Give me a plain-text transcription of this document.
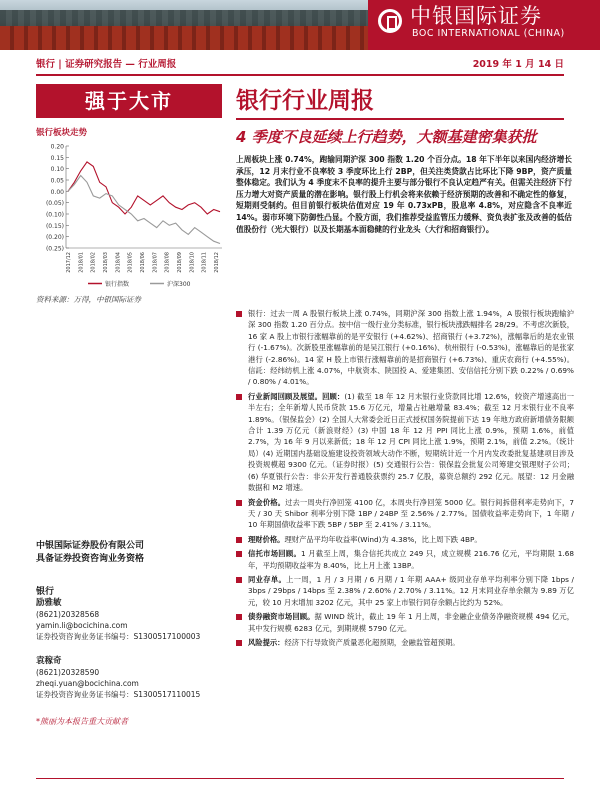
中银国际证券
BOC INTERNATIONAL (CHINA)
银行 | 证券研究报告 — 行业周报	2019 年 1 月 14 日
强于大市	银行行业周报
4 季度不良延续上行趋势，大额基建密集获批
银行板块走势
0.20
0.15
0.10
0.05
0.00
(0.05)
(0.10)
(0.15)
(0.20)
(0.25)
2017/12 2018/01 2018/02 2018/03 2018/04 2018/05 2018/06 2018/07 2018/08 2018/09 2018/10 2018/11 2018/12
银行指数	沪深300
资料来源：万得，中银国际证券
上周板块上涨 0.74%，跑输同期沪深 300 指数 1.20 个百分点。18 年下半年以来国内经济增长承压，12 月末行业不良率较 3 季度环比上行 2BP，但关注类贷款占比环比下降 9BP，资产质量整体稳定。我们认为 4 季度末不良率的提升主要与部分银行不良认定趋严有关。但需关注经济下行压力增大对资产质量的潜在影响。银行股上行机会将来依赖于经济预期的改善和不确定性的修复，短期则受制约。但目前银行板块估值对应 19 年 0.73xPB，股息率 4.8%，对应隐含不良率近 14%。弱市环境下防御性凸显。个股方面，我们推荐受益监管压力缓释、资负表扩张及改善的低估值股份行（光大银行）以及长期基本面稳健的行业龙头（大行和招商银行）。
银行：过去一周 A 股银行板块上涨 0.74%，同期沪深 300 指数上涨 1.94%，A 股银行板块跑输沪深 300 指数 1.20 百分点。按中信一级行业分类标准，银行板块涨跌幅排名 28/29。不考虑次新股，16 家 A 股上市银行涨幅靠前的是平安银行 (+4.62%)、招商银行 (+3.72%)，涨幅靠后的是农业银行 (-1.67%)。次新股里涨幅靠前的是吴江银行 (+0.16%)、杭州银行 (-0.53%)，涨幅靠后的是张家港行 (-2.86%)。14 家 H 股上市银行涨幅靠前的是招商银行 (+6.73%)、重庆农商行 (+4.55%)。信託：经纬纺机上涨 4.07%，中航资本、陕国投 A、爱建集团、安信信托分别下跌 0.22% / 0.69% / 0.80% / 4.01%。
行业新闻回顾及展望。回顾：(1) 截至 18 年 12 月末银行业贷款同比增 12.6%，较资产增速高出一半左右；全年新增人民币贷款 15.6 万亿元，增量占社融增量 83.4%；截至 12 月末银行业不良率 1.89%。（银保监会）(2) 全国人大常委会近日正式授权国务院提前下达 19 年地方政府新增债务限额合计 1.39 万亿元（新浪财经）(3) 中国 18 年 12 月 PPI 同比上涨 0.9%，预期 1.6%，前值 2.7%，为 16 年 9 月以来新低；18 年 12 月 CPI 同比上涨 1.9%，预期 2.1%，前值 2.2%。（统计局）(4) 近期国内基础设施建设投资领域大动作不断，短期统计近一个月内发改委批复基建项目涉及投资规模超 9300 亿元。（证券时报）(5) 交通银行公告：银保监会批复公司筹建交银理财子公司；(6) 华夏银行公告：非公开发行普通股获票约 25.7 亿股，募资总额约 292 亿元。展望：12 月金融数据和 M2 增速。
资金价格。过去一周央行净回笼 4100 亿，本周央行净回笼 5000 亿。银行间拆借利率走势向下，7 天 / 30 天 Shibor 利率分别下降 1BP / 24BP 至 2.56% / 2.77%。国债收益率走势向下，1 年期 / 10 年期国债收益率下跌 5BP / 5BP 至 2.41% / 3.11%。
理财价格。理财产品平均年收益率(Wind)为 4.38%，比上周下跌 4BP。
信托市场回顾。1 月截至上周，集合信托共成立 249 只，成立规模 216.76 亿元，平均期限 1.68 年，平均预期收益率为 8.40%，比上月上涨 13BP。
同业存单。上一周，1 月 / 3 月期 / 6 月期 / 1 年期 AAA+ 级同业存单平均利率分别下降 1bps / 3bps / 29bps / 14bps 至 2.38% / 2.60% / 2.70% / 3.11%。12 月末同业存单余额为 9.89 万亿元，较 10 月末增加 3202 亿元，其中 25 家上市银行同存余额占比约为 52%。
债券融资市场回顾。据 WIND 统计，截止 19 年 1 月上周，非金融企业债务净融资规模 494 亿元，其中发行规模 6283 亿元，到期规模 5790 亿元。
风险提示：经济下行导致资产质量恶化超预期，金融监管超预期。
中银国际证券股份有限公司
具备证券投资咨询业务资格
银行
励雅敏
(8621)20328568
yamin.li@bocichina.com
证券投资咨询业务证书编号：S1300517100003
袁稼奇
(8621)20328590
zheqi.yuan@bocichina.com
证券投资咨询业务证书编号：S1300517110015
*熊丽为本报告重大贡献者
